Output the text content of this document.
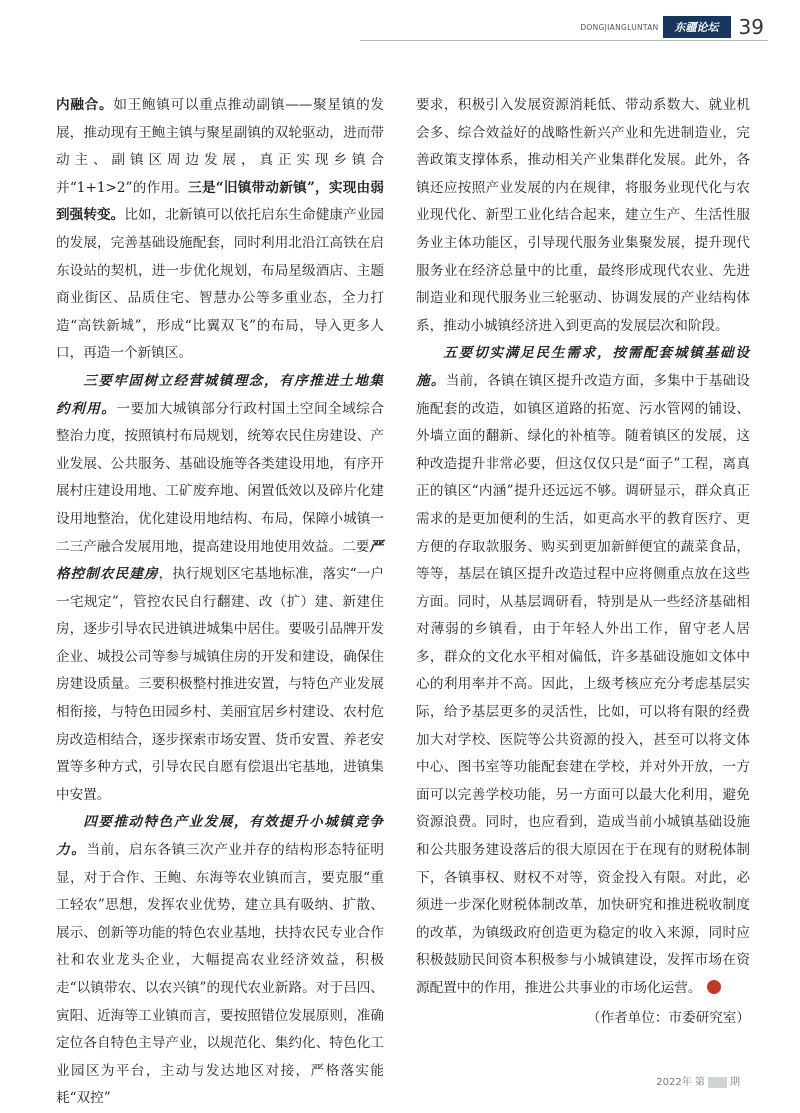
DONGJIANGLUNTAN	东疆论坛	39

内融合。如王鲍镇可以重点推动副镇——聚星镇的发展，推动现有王鲍主镇与聚星副镇的双轮驱动，进而带动主、副镇区周边发展，真正实现乡镇合并“1+1>2”的作用。三是“旧镇带动新镇”，实现由弱到强转变。比如，北新镇可以依托启东生命健康产业园的发展，完善基础设施配套，同时利用北沿江高铁在启东设站的契机，进一步优化规划，布局星级酒店、主题商业街区、品质住宅、智慧办公等多重业态，全力打造“高铁新城”，形成“比翼双飞”的布局，导入更多人口，再造一个新镇区。

三要牢固树立经营城镇理念，有序推进土地集约利用。一要加大城镇部分行政村国土空间全域综合整治力度，按照镇村布局规划，统筹农民住房建设、产业发展、公共服务、基础设施等各类建设用地，有序开展村庄建设用地、工矿废弃地、闲置低效以及碎片化建设用地整治，优化建设用地结构、布局，保障小城镇一二三产融合发展用地，提高建设用地使用效益。二要严格控制农民建房，执行规划区宅基地标准，落实“一户一宅规定”，管控农民自行翻建、改（扩）建、新建住房，逐步引导农民进镇进城集中居住。要吸引品牌开发企业、城投公司等参与城镇住房的开发和建设，确保住房建设质量。三要积极整村推进安置，与特色产业发展相衔接，与特色田园乡村、美丽宜居乡村建设、农村危房改造相结合，逐步探索市场安置、货币安置、养老安置等多种方式，引导农民自愿有偿退出宅基地，进镇集中安置。

四要推动特色产业发展，有效提升小城镇竞争力。当前，启东各镇三次产业并存的结构形态特征明显，对于合作、王鲍、东海等农业镇而言，要克服“重工轻农”思想，发挥农业优势，建立具有吸纳、扩散、展示、创新等功能的特色农业基地，扶持农民专业合作社和农业龙头企业，大幅提高农业经济效益，积极走“以镇带农、以农兴镇”的现代农业新路。对于吕四、寅阳、近海等工业镇而言，要按照错位发展原则，准确定位各自特色主导产业，以规范化、集约化、特色化工业园区为平台，主动与发达地区对接，严格落实能耗“双控”

要求，积极引入发展资源消耗低、带动系数大、就业机会多、综合效益好的战略性新兴产业和先进制造业，完善政策支撑体系，推动相关产业集群化发展。此外，各镇还应按照产业发展的内在规律，将服务业现代化与农业现代化、新型工业化结合起来，建立生产、生活性服务业主体功能区，引导现代服务业集聚发展，提升现代服务业在经济总量中的比重，最终形成现代农业、先进制造业和现代服务业三轮驱动、协调发展的产业结构体系，推动小城镇经济进入到更高的发展层次和阶段。

五要切实满足民生需求，按需配套城镇基础设施。当前，各镇在镇区提升改造方面，多集中于基础设施配套的改造，如镇区道路的拓宽、污水管网的铺设、外墙立面的翻新、绿化的补植等。随着镇区的发展，这种改造提升非常必要，但这仅仅只是“面子”工程，离真正的镇区“内涵”提升还远远不够。调研显示，群众真正需求的是更加便利的生活，如更高水平的教育医疗、更方便的存取款服务、购买到更加新鲜便宜的蔬菜食品，等等，基层在镇区提升改造过程中应将侧重点放在这些方面。同时，从基层调研看，特别是从一些经济基础相对薄弱的乡镇看，由于年轻人外出工作，留守老人居多，群众的文化水平相对偏低，许多基础设施如文体中心的利用率并不高。因此，上级考核应充分考虑基层实际，给予基层更多的灵活性，比如，可以将有限的经费加大对学校、医院等公共资源的投入，甚至可以将文体中心、图书室等功能配套建在学校，并对外开放，一方面可以完善学校功能，另一方面可以最大化利用，避免资源浪费。同时，也应看到，造成当前小城镇基础设施和公共服务建设落后的很大原因在于在现有的财税体制下，各镇事权、财权不对等，资金投入有限。对此，必须进一步深化财税体制改革，加快研究和推进税收制度的改革，为镇级政府创造更为稳定的收入来源，同时应积极鼓励民间资本积极参与小城镇建设，发挥市场在资源配置中的作用，推进公共事业的市场化运营。

（作者单位：市委研究室）

2022年 第 00 期
